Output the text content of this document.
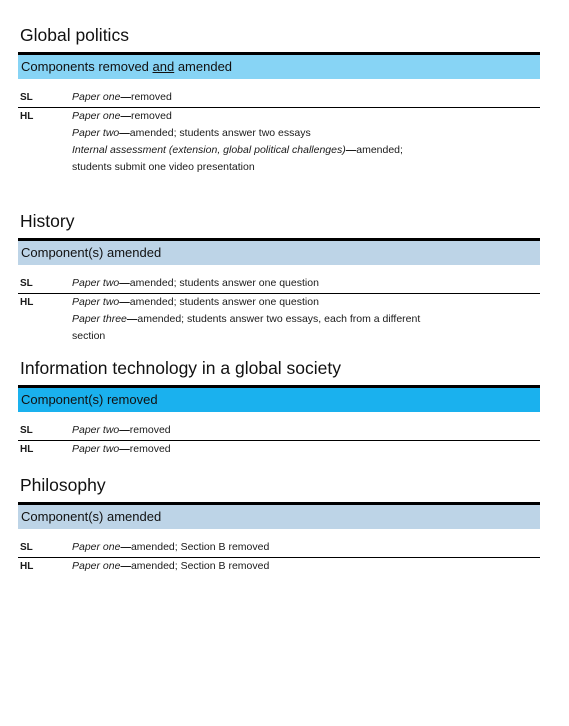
Global politics
Components removed and amended
SL	Paper one—removed
HL	Paper one—removed
Paper two—amended; students answer two essays
Internal assessment (extension, global political challenges)—amended;
students submit one video presentation
History
Component(s) amended
SL	Paper two—amended; students answer one question
HL	Paper two—amended; students answer one question
Paper three—amended; students answer two essays, each from a different
section
Information technology in a global society
Component(s) removed
SL	Paper two—removed
HL	Paper two—removed
Philosophy
Component(s) amended
SL	Paper one—amended; Section B removed
HL	Paper one—amended; Section B removed
